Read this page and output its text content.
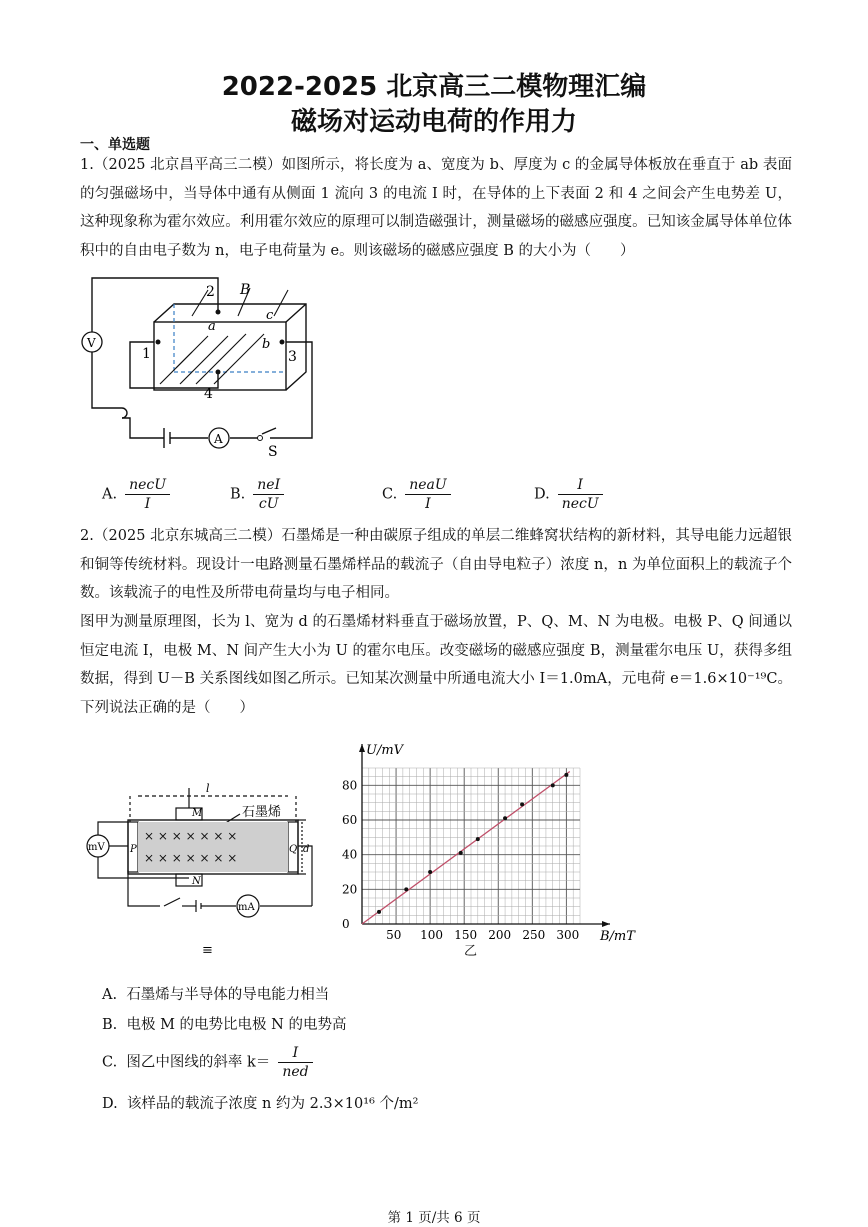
2022-2025 北京高三二模物理汇编
磁场对运动电荷的作用力
一、单选题
1.（2025 北京昌平高三二模）如图所示，将长度为 a、宽度为 b、厚度为 c 的金属导体板放在垂直于 ab 表面的匀强磁场中，当导体中通有从侧面 1 流向 3 的电流 I 时，在导体的上下表面 2 和 4 之间会产生电势差 U，这种现象称为霍尔效应。利用霍尔效应的原理可以制造磁强计，测量磁场的磁感应强度。已知该金属导体单位体积中的自由电子数为 n，电子电荷量为 e。则该磁场的磁感应强度 B 的大小为（　　）
2 B
a
c
b
1	3
4
V
A
S
A. $\frac{\text{necU}}{I}$	B. $\frac{\text{neI}}{cU}$	C. $\frac{\text{neaU}}{I}$	D. $\frac{I}{\text{necU}}$
2.（2025 北京东城高三二模）石墨烯是一种由碳原子组成的单层二维蜂窝状结构的新材料，其导电能力远超银和铜等传统材料。现设计一电路测量石墨烯样品的载流子（自由导电粒子）浓度 n，n 为单位面积上的载流子个数。该载流子的电性及所带电荷量均与电子相同。
图甲为测量原理图，长为 l、宽为 d 的石墨烯材料垂直于磁场放置，P、Q、M、N 为电极。电极 P、Q 间通以恒定电流 I，电极 M、N 间产生大小为 U 的霍尔电压。改变磁场的磁感应强度 B，测量霍尔电压 U，获得多组数据，得到 U－B 关系图线如图乙所示。已知某次测量中所通电流大小 I＝1.0mA，元电荷 e＝1.6×10⁻¹⁹C。下列说法正确的是（　　）
× × × × × × ×
× × × × × × ×
l
M
N
P	Q d
石墨烯
mV
mA
≡
50 100 150 200 250 300
0
20
40
60
80
U/mV
B/mT
乙
A. 石墨烯与半导体的导电能力相当
B. 电极 M 的电势比电极 N 的电势高
C. 图乙中图线的斜率 $k= \frac{I}{\text{ned}}$
D. 该样品的载流子浓度 n 约为 2.3×10¹⁶ 个/m²
第 1 页/共 6 页
